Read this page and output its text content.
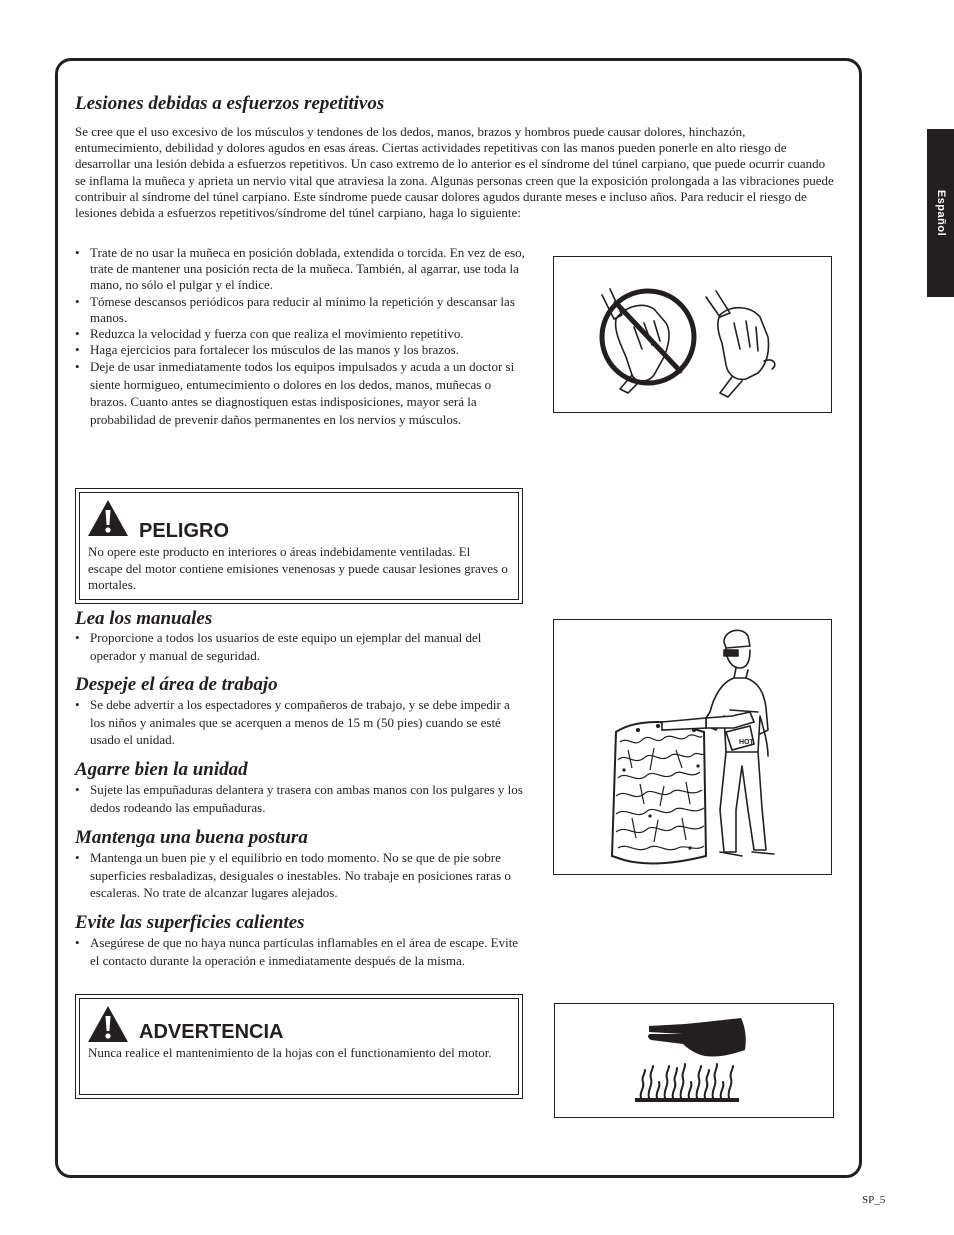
Español
SP_5
Lesiones debidas a esfuerzos repetitivos
Se cree que el uso excesivo de los músculos y tendones de los dedos, manos, brazos y hombros puede causar dolores, hinchazón, entumecimiento, debilidad y dolores agudos en esas áreas. Ciertas actividades repetitivas con las manos pueden ponerle en alto riesgo de desarrollar una lesión debida a esfuerzos repetitivos. Un caso extremo de lo anterior es el síndrome del túnel carpiano, que puede ocurrir cuando se inflama la muñeca y aprieta un nervio vital que atraviesa la zona. Algunas personas creen que la exposición prolongada a las vibraciones puede contribuir al síndrome del túnel carpiano. Este síndrome puede causar dolores agudos durante meses e incluso años. Para reducir el riesgo de lesiones debida a esfuerzos repetitivos/síndrome del túnel carpiano, haga lo siguiente:
• Trate de no usar la muñeca en posición doblada, extendida o torcida. En vez de eso, trate de mantener una posición recta de la muñeca. También, al agarrar, use toda la mano, no sólo el pulgar y el índice.
• Tómese descansos periódicos para reducir al mínimo la repetición y descansar las manos.
• Reduzca la velocidad y fuerza con que realiza el movimiento repetitivo.
• Haga ejercicios para fortalecer los músculos de las manos y los brazos.
• Deje de usar inmediatamente todos los equipos impulsados y acuda a un doctor si siente hormigueo, entumecimiento o dolores en los dedos, manos, muñecas o brazos. Cuanto antes se diagnostiquen estas indisposiciones, mayor será la probabilidad de prevenir daños permanentes en los nervios y músculos.
PELIGRO
No opere este producto en interiores o áreas indebidamente ventiladas. El escape del motor contiene emisiones venenosas y puede causar lesiones graves o mortales.
Lea los manuales
• Proporcione a todos los usuarios de este equipo un ejemplar del manual del operador y manual de seguridad.
Despeje el área de trabajo
• Se debe advertir a los espectadores y compañeros de trabajo, y se debe impedir a los niños y animales que se acerquen a menos de 15 m (50 pies) cuando se esté usado el unidad.
Agarre bien la unidad
• Sujete las empuñaduras delantera y trasera con ambas manos con los pulgares y los dedos rodeando las empuñaduras.
Mantenga una buena postura
• Mantenga un buen pie y el equilibrio en todo momento. No se que de pie sobre superficies resbaladizas, desiguales o inestables. No trabaje en posiciones raras o escaleras. No trate de alcanzar lugares alejados.
Evite las superficies calientes
• Asegúrese de que no haya nunca partículas inflamables en el área de escape. Evite el contacto durante la operación e inmediatamente después de la misma.
HOT
ADVERTENCIA
Nunca realice el mantenimiento de la hojas con el functionamiento del motor.
